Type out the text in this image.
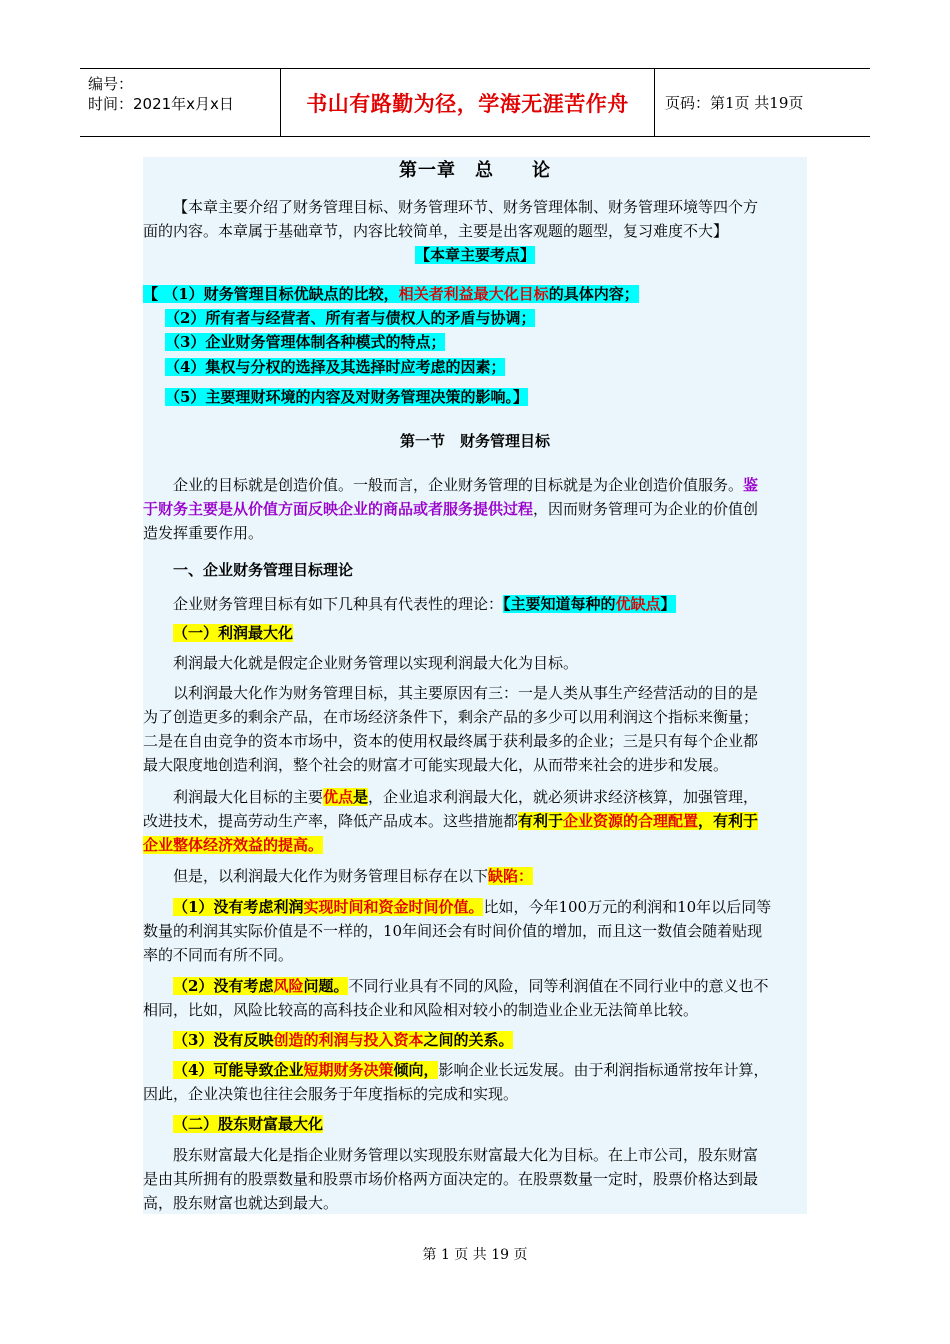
编号：
时间：2021年x月x日	书山有路勤为径，学海无涯苦作舟	页码：第1页 共19页
第一章　总　　论
【本章主要介绍了财务管理目标、财务管理环节、财务管理体制、财务管理环境等四个方
面的内容。本章属于基础章节，内容比较简单，主要是出客观题的题型，复习难度不大】
【本章主要考点】
【 （1）财务管理目标优缺点的比较，相关者利益最大化目标的具体内容；
（2）所有者与经营者、所有者与债权人的矛盾与协调；
（3）企业财务管理体制各种模式的特点；
（4）集权与分权的选择及其选择时应考虑的因素；
（5）主要理财环境的内容及对财务管理决策的影响。】
第一节　财务管理目标
企业的目标就是创造价值。一般而言，企业财务管理的目标就是为企业创造价值服务。鉴
于财务主要是从价值方面反映企业的商品或者服务提供过程，因而财务管理可为企业的价值创
造发挥重要作用。
一、企业财务管理目标理论
企业财务管理目标有如下几种具有代表性的理论：【主要知道每种的优缺点】
（一）利润最大化
利润最大化就是假定企业财务管理以实现利润最大化为目标。
以利润最大化作为财务管理目标，其主要原因有三：一是人类从事生产经营活动的目的是
为了创造更多的剩余产品，在市场经济条件下，剩余产品的多少可以用利润这个指标来衡量；
二是在自由竞争的资本市场中，资本的使用权最终属于获利最多的企业；三是只有每个企业都
最大限度地创造利润，整个社会的财富才可能实现最大化，从而带来社会的进步和发展。
利润最大化目标的主要优点是，企业追求利润最大化，就必须讲求经济核算，加强管理，
改进技术，提高劳动生产率，降低产品成本。这些措施都有利于企业资源的合理配置，有利于
企业整体经济效益的提高。
但是，以利润最大化作为财务管理目标存在以下缺陷：
（1）没有考虑利润实现时间和资金时间价值。比如，今年100万元的利润和10年以后同等
数量的利润其实际价值是不一样的，10年间还会有时间价值的增加，而且这一数值会随着贴现
率的不同而有所不同。
（2）没有考虑风险问题。不同行业具有不同的风险，同等利润值在不同行业中的意义也不
相同，比如，风险比较高的高科技企业和风险相对较小的制造业企业无法简单比较。
（3）没有反映创造的利润与投入资本之间的关系。
（4）可能导致企业短期财务决策倾向，影响企业长远发展。由于利润指标通常按年计算，
因此，企业决策也往往会服务于年度指标的完成和实现。
（二）股东财富最大化
股东财富最大化是指企业财务管理以实现股东财富最大化为目标。在上市公司，股东财富
是由其所拥有的股票数量和股票市场价格两方面决定的。在股票数量一定时，股票价格达到最
高，股东财富也就达到最大。
第 1 页 共 19 页
